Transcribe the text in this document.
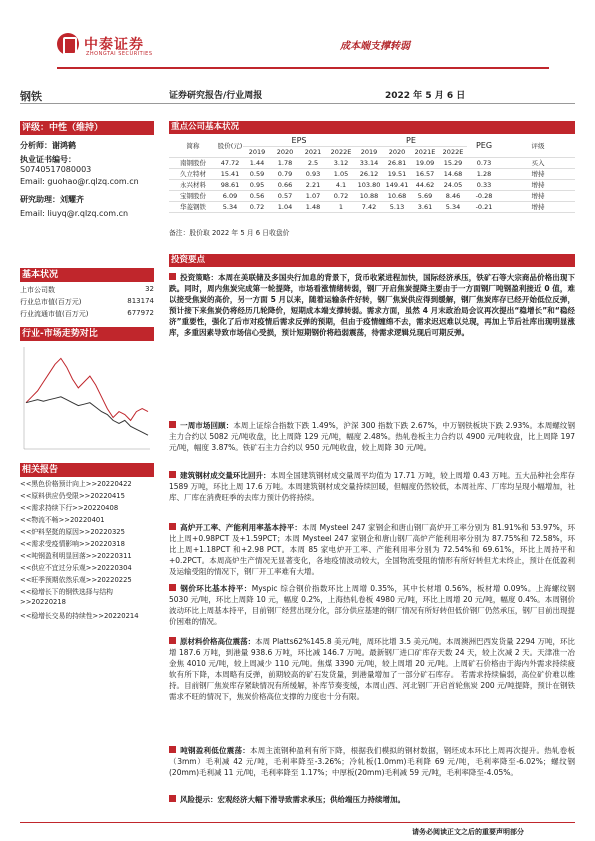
中泰证券
ZHONGTAI SECURITIES
成本端支撑转弱
钢铁	证券研究报告/行业周报	2022 年 5 月 6 日
评级：中性（维持）
分析师：谢鸿鹤
执业证书编号：
S0740517080003
Email: guohao@r.qlzq.com.cn
研究助理：刘耀齐
Email: liuyq@r.qlzq.com.cn
基本状况
上市公司数	32
行业总市值(百万元)	813174
行业流通市值(百万元)	677972
行业-市场走势对比
相关报告
<<黑色价格预计向上>>20220422
<<原料供应仍受限>>20220415
<<需求持续下行>>20220408
<<物流不畅>>20220401
<<炉料坚挺的原因>>20220325
<<需求受疫情影响>>20220318
<<吨钢盈利明显回落>>20220311
<<供应不宜过分乐观>>20220304
<<旺季预期依然乐观>>20220225
<<稳增长下的钢铁选择与结构>>20220218
<<稳增长交易的持续性>>20220214
重点公司基本状况
简称	股价(元)	EPS				PE				PEG	评级
		2019	2020	2021	2022E	2019	2020	2021E	2022E		
南钢股份	47.72	1.44	1.78	2.5	3.12	33.14	26.81	19.09	15.29	0.73	买入
久立特材	15.41	0.59	0.79	0.93	1.05	26.12	19.51	16.57	14.68	1.28	增持
永兴材料	98.61	0.95	0.66	2.21	4.1	103.80	149.41	44.62	24.05	0.33	增持
宝钢股份	6.09	0.56	0.57	1.07	0.72	10.88	10.68	5.69	8.46	-0.28	增持
华菱钢铁	5.34	0.72	1.04	1.48	1	7.42	5.13	3.61	5.34	-0.21	增持
备注：股价取 2022 年 5 月 6 日收盘价
投资要点
投资策略：本周在美联储及多国央行加息的背景下，货币收紧进程加快，国际经济承压，铁矿石等大宗商品价格出现下跌。同时，周内焦炭完成第一轮提降，市场看涨情绪转弱，钢厂开启焦炭提降主要由于一方面钢厂吨钢盈利接近 0 值，难以接受焦炭的高价，另一方面 5 月以来，随着运输条件好转，钢厂焦炭供应得到缓解，钢厂焦炭库存已经开始低位反弹，预计接下来焦炭仍将经历几轮降价，短期成本端支撑转弱。需求方面，虽然 4 月末政治局会议再次提出“稳增长”和“稳经济”重要性，强化了后市对疫情后需求反弹的预期，但由于疫情缠绵不去，需求迟迟难以兑现，再加上节后社库出现明显涨库，多重因素导致市场信心受损，预计短期钢价将趋弱震荡，待需求逻辑兑现后可期反弹。
一周市场回顾：本周上证综合指数下跌 1.49%，沪深 300 指数下跌 2.67%，中万钢铁板块下跌 2.93%。本周螺纹钢主力合约以 5082 元/吨收盘，比上周降 129 元/吨，幅度 2.48%。热轧卷板主力合约以 4900 元/吨收盘，比上周降 197 元/吨，幅度 3.87%。铁矿石主力合约以 950 元/吨收盘，较上周降 30 元/吨。
建筑钢材成交量环比回升：本周全国建筑钢材成交量周平均值为 17.71 万吨，较上周增 0.43 万吨。五大品种社会库存 1589 万吨，环比上周 17.6 万吨。本周建筑钢材成交量持续回暖，但幅度仍然较低，本周社库、厂库均呈现小幅增加，社库、厂库在消费旺季的去库力预计仍将持续。
高炉开工率、产能利用率基本持平：本周 Mysteel 247 家钢企和唐山钢厂高炉开工率分别为 81.91%和 53.97%，环比上周+0.98PCT 及+1.59PCT；本周 Mysteel 247 家钢企和唐山钢厂高炉产能利用率分别为 87.75%和 72.58%，环比上周+1.18PCT 和+2.98 PCT。本周 85 家电炉开工率、产能利用率分别为 72.54%和 69.61%，环比上周持平和+0.2PCT。本周高炉生产情况无显著变化，各地疫情波动较大，全国物流受阻的情形有所好转但尤未终止，预计在低盈利及运输受阻的情况下，钢厂开工率难有大增。
钢价环比基本持平：Myspic 综合钢价指数环比上周增 0.35%，其中长材增 0.56%，板材增 0.09%。上海螺纹钢 5030 元/吨，环比上周降 10 元，幅度 0.2%，上海热轧卷板 4980 元/吨，环比上周增 20 元/吨，幅度 0.4%。本周钢价波动环比上周基本持平，目前钢厂经营出现分化，部分供应基建的钢厂情况有所好转但低价钢厂仍然承压，钢厂目前出现提价困难的情况。
原材料价格高位震荡：本周 Platts62%145.8 美元/吨，周环比增 3.5 美元/吨。本周澳洲巴西发货量 2294 万吨，环比增 187.6 万吨，到港量 938.6 万吨，环比减 146.7 万吨。最新钢厂进口矿库存天数 24 天，较上次减 2 天。天津准一冶金焦 4010 元/吨，较上周减少 110 元/吨。焦煤 3390 元/吨，较上周增 20 元/吨。上周矿石价格由于海内外需求持续疲软有所下降，本周略有反弹，前期较高的矿石发货量，到港量增加了一部分矿石库存。 若需求持续偏弱，高位矿价难以维持。目前钢厂焦炭库存紧缺情况有所缓解，补库节奏变缓，本周山西、河北钢厂开启首轮焦炭 200 元/吨提降，预计在钢铁需求不旺的情况下，焦炭价格高位支撑的力度也十分有限。
吨钢盈利低位震荡：本周主流钢种盈利有所下降，根据我们模拟的钢材数据，钢坯成本环比上周再次提升。热轧卷板（3mm）毛利减 42 元/吨，毛利率降至-3.26%；冷轧板(1.0mm)毛利降 69 元/吨，毛利率降至-6.02%；螺纹钢(20mm)毛利减 11 元/吨，毛利率降至 1.17%；中厚板(20mm)毛利减 59 元/吨，毛利率降至-4.05%。
风险提示：宏观经济大幅下滑导致需求承压；供给端压力持续增加。
请务必阅读正文之后的重要声明部分
